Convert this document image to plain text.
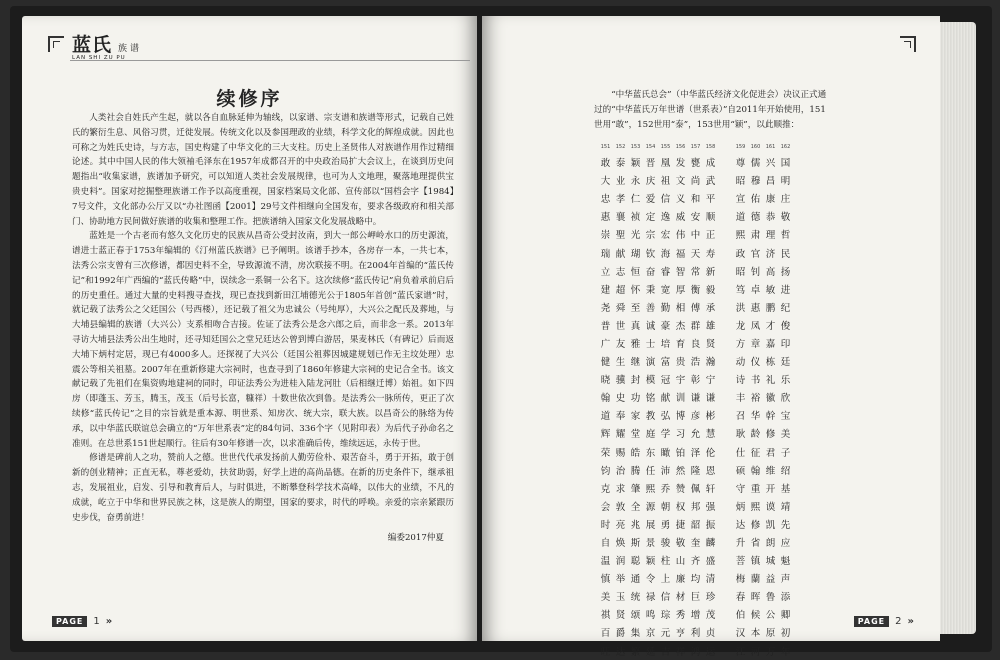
蓝氏 族谱
LAN SHI ZU PU
续修序

人类社会自姓氏产生起，就以各自血脉延伸为轴线，以家谱、宗支谱和族谱等形式，记载自己姓氏的繁衍生息、风俗习贯，迁徙发展。传统文化以及参国理政的业绩，科学文化的辉煌成就。因此也可称之为姓氏史诗，与方志，国史构建了中华文化的三大支柱。历史上圣贤伟人对族谱作用作过精细论述。其中中国人民的伟大领袖毛泽东在1957年成都召开的中央政治局扩大会议上，在谈到历史问题指出“收集家谱，族谱加予研究，可以知道人类社会发展规律，也可为人文地理，聚落地理提供宝贵史料”。国家对挖掘整理族谱工作予以高度重视，国家档案局文化部、宣传部以“国档会字【1984】7号文件，文化部办公厅又以“办社图函【2001】29号文件相继向全国发布，要求各级政府和相关部门、协助地方民间做好族谱的收集和整理工作。把族谱纳入国家文化发展战略中。

蓝姓是一个古老而有悠久文化历史的民族从昌奇公受封汝南，到大一郎公岬岭水口的历史源流，谱进士蓝正春于1753年编辑的《汀州蓝氏族谱》已予阐明。该谱手抄本，各房存一本，一共七本，法秀公宗支曾有三次修谱，都因史料不全，导致源流不清，房次联接不明。在2004年首编的“蓝氏传记”和1992年广西编的“蓝氏传略”中，误续念一系铜一公名下。这次续修“蓝氏传记”肩负着承前启后的历史重任。通过大量的史料搜寻查找，现已查找到新田江埔德光公于1805年首创“蓝氏家谱”时，就记载了法秀公之父廷国公（号西楼），还记载了祖父为忠诚公（号纯厚），大兴公之配氏及葬地，与大埔县编辑的族谱（大兴公）支系相吻合吉接。佐证了法秀公是念六郎之后，而非念一系。2013年寻访大埔县法秀公出生地时，还寻知廷国公之堂兄廷达公曾到博白游居，果麦林氏（有碑记）后而返大埔下炳村定居，现已有4000多人。还探视了大兴公（廷国公祖葬因城建规划已作无主坟处理）忠震公等相关祖墓。2007年在重新修建大宗祠时，也查寻到了1860年修建大宗祠的史记合全书。该文献记载了先祖们在集资购地建祠的同时，印证法秀公为进桂入陆龙河肚（后相继迁博）始祖。如下四房（即蓬玉、芳玉，腾玉，茂玉（后号长富，糠祥）十数世依次到鲁。是法秀公一脉所传，更正了次续修“蓝氏传记”之目的宗旨就是重本源、明世系、知房次、统大宗，联大族。以昌奇公的脉络为传承，以中华蓝氏联谊总会确立的“万年世系表”定的84句词、336个字（见附印表）为后代子孙命名之准则。在总世系151世起顺行。往后有30年修谱一次，以求准确后传，维续远远，永传于世。

修谱是碑前人之功，赞前人之德。世世代代承发扬前人勤劳俭朴、艰苦奋斗，勇于开拓，敢于创新的创业精神；正直无私，尊老爱幼，扶贫助弱，好学上进的高尚品德。在新的历史条件下，继承祖志，发展祖业，启发、引导和教育后人，与时俱进，不断攀登科学技术高峰，以伟大的业绩，不凡的成就，屹立于中华和世界民族之林，这是族人的期望，国家的要求，时代的呼唤。亲爱的宗亲紧跟历史步伐，奋勇前进！

编委2017仲夏
PAGE	1 »

“中华蓝氏总会”（中华蓝氏经济文化促进会）决议正式通过的“中华蓝氏万年世谱（世系表）”自2011年开始使用，151世用“敢”，152世用“泰”，153世用“颖”，以此顺推：

151	152	153	154	155	156	157	158	159	160	161	162
敢 泰 颖 晋 凰 发 甕 成 尊 儒 兴 国
大 业 永 庆 祖 文 尚 武 昭 穆 昌 明
忠 孝 仁 爱 信 义 和 平 宣 佑 康 庄
惠 襄 祯 定 逸 威 安 顺 道 德 恭 敬
崇 聖 光 宗 宏 伟 中 正 熙 肃 理 哲
瑞 献 瑚 钦 海 福 天 寿 政 官 济 民
立 志 恒 奋 睿 智 常 新 昭 钊 高 扬
建 超 怀 秉 宽 厚 衡 毅 笃 卓 敏 进
尧 舜 至 善 勤 相 傅 承 洪 惠 鹏 纪
普 世 真 诚 豪 杰 群 雄 龙 凤 才 俊
广 友 雅 士 培 育 良 贤 方 章 嘉 印
健 生 继 演 富 贵 浩 瀚 动 仪 栋 廷
晓 骥 封 模 冠 宇 彰 宁 诗 书 礼 乐
翰 史 功 铭 献 训 谦 谦 丰 裕 徽 欣
道 奉 家 教 弘 博 彦 彬 召 华 幹 宝
辉 耀 堂 庭 学 习 允 慧 耿 龄 修 美
荣 赐 皓 东 瞰 铂 泽 伦 仕 征 君 子
钧 治 腾 任 沛 然 隆 恩 硕 翰 维 绍
克 求 肇 熙 乔 赞 佩 轩 守 重 开 基
会 敦 全 源 朝 权 邦 强 炳 熙 谟 靖
时 亮 兆 展 勇 捷 韶 振 达 修 凯 先
自 焕 斯 景 骏 敬 奎 麟 升 省 朗 应
温 润 聪 颖 柱 山 齐 盛 菩 镇 城 魁
慎 举 通 令 上 廉 均 清 梅 蘭 益 声
美 玉 统 禄 信 材 巨 珍 春 晖 鲁 添
祺 贤 颂 鸣 琮 秀 增 茂 伯 候 公 卿
百 爵 集 京 元 亨 利 贞 汉 本 原 初
旺 达 繁 延 吉 祥 鸿 运 江 河 万 年
PAGE	2 »
